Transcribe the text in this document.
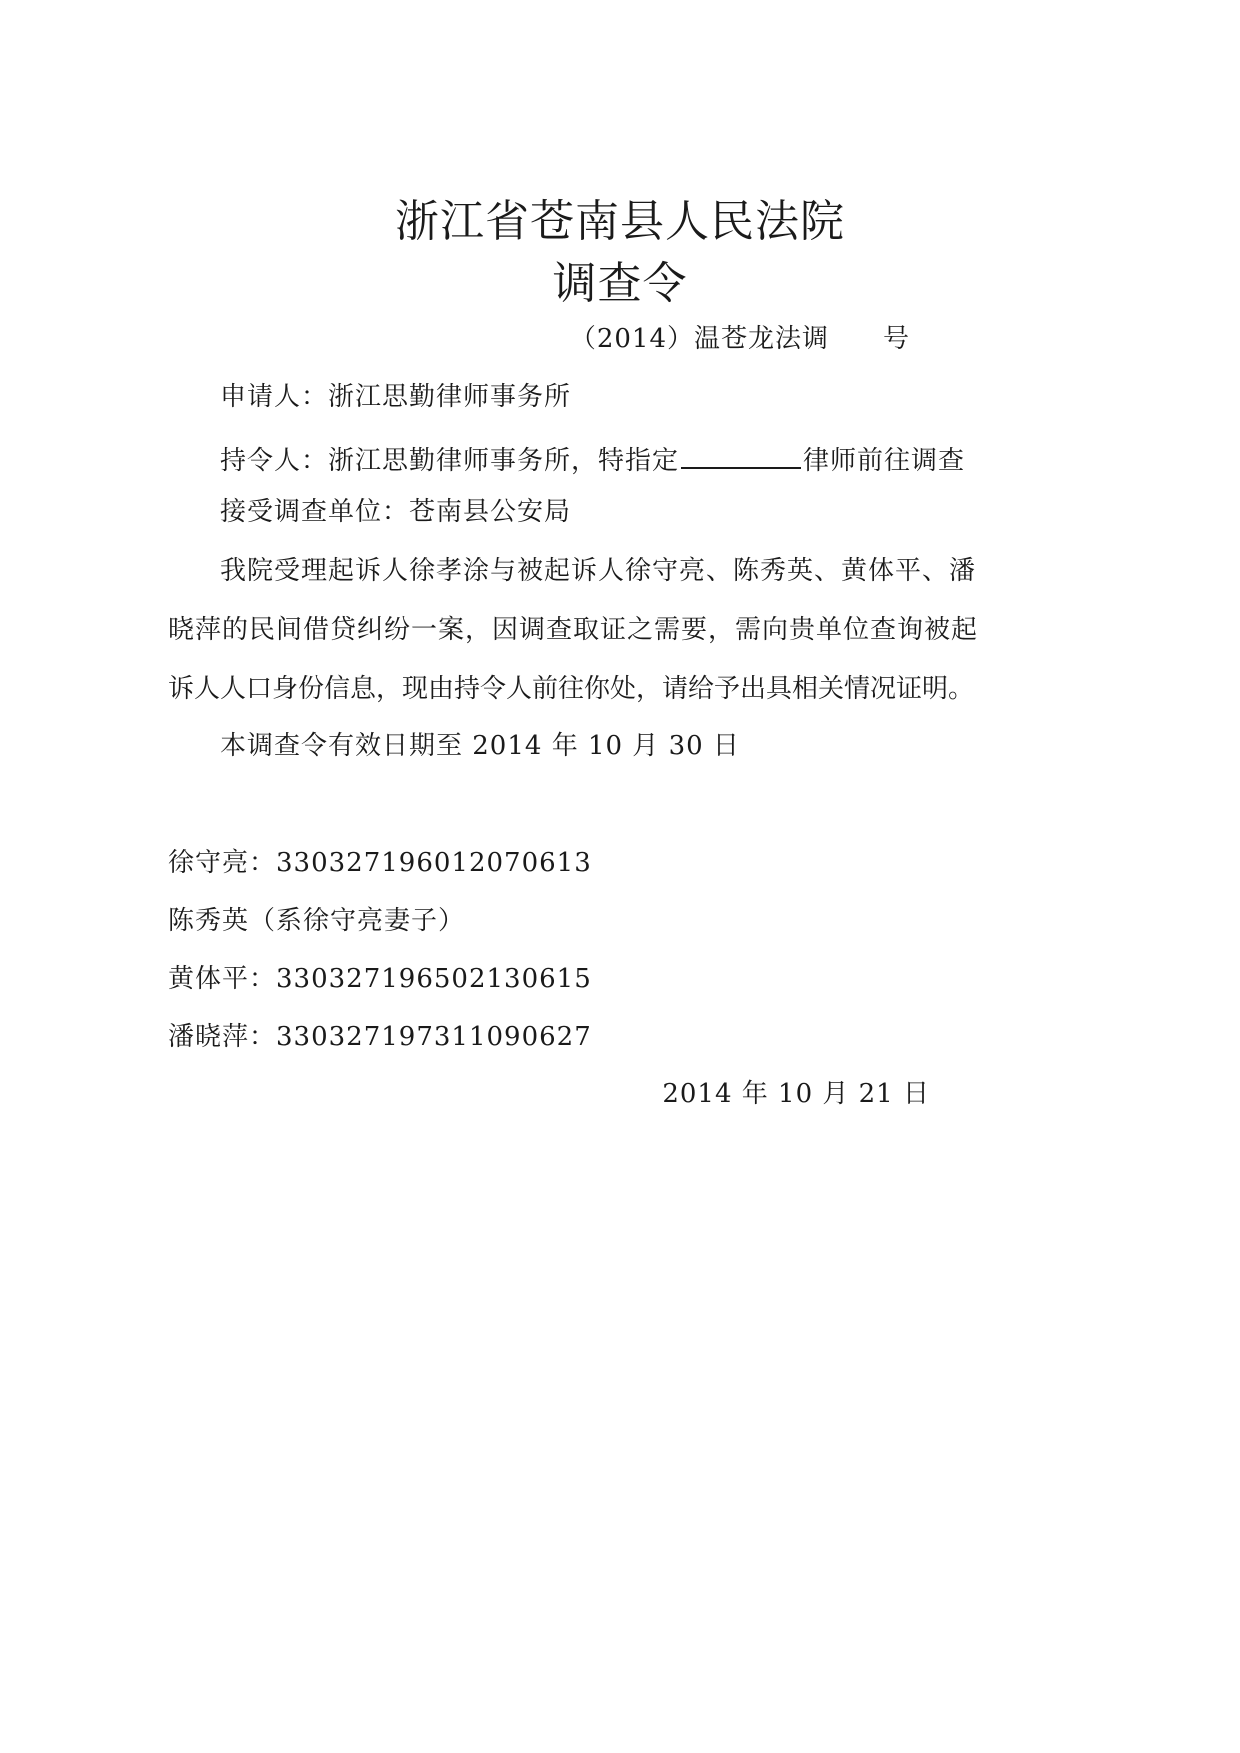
浙江省苍南县人民法院
调查令
（2014）温苍龙法调　　号
申请人：浙江思勤律师事务所
持令人：浙江思勤律师事务所，特指定	律师前往调查
接受调查单位：苍南县公安局
我院受理起诉人徐孝涂与被起诉人徐守亮、陈秀英、黄体平、潘
晓萍的民间借贷纠纷一案，因调查取证之需要，需向贵单位查询被起
诉人人口身份信息，现由持令人前往你处，请给予出具相关情况证明。
本调查令有效日期至 2014 年 10 月 30 日
徐守亮：330327196012070613
陈秀英（系徐守亮妻子）
黄体平：330327196502130615
潘晓萍：330327197311090627
2014 年 10 月 21 日
